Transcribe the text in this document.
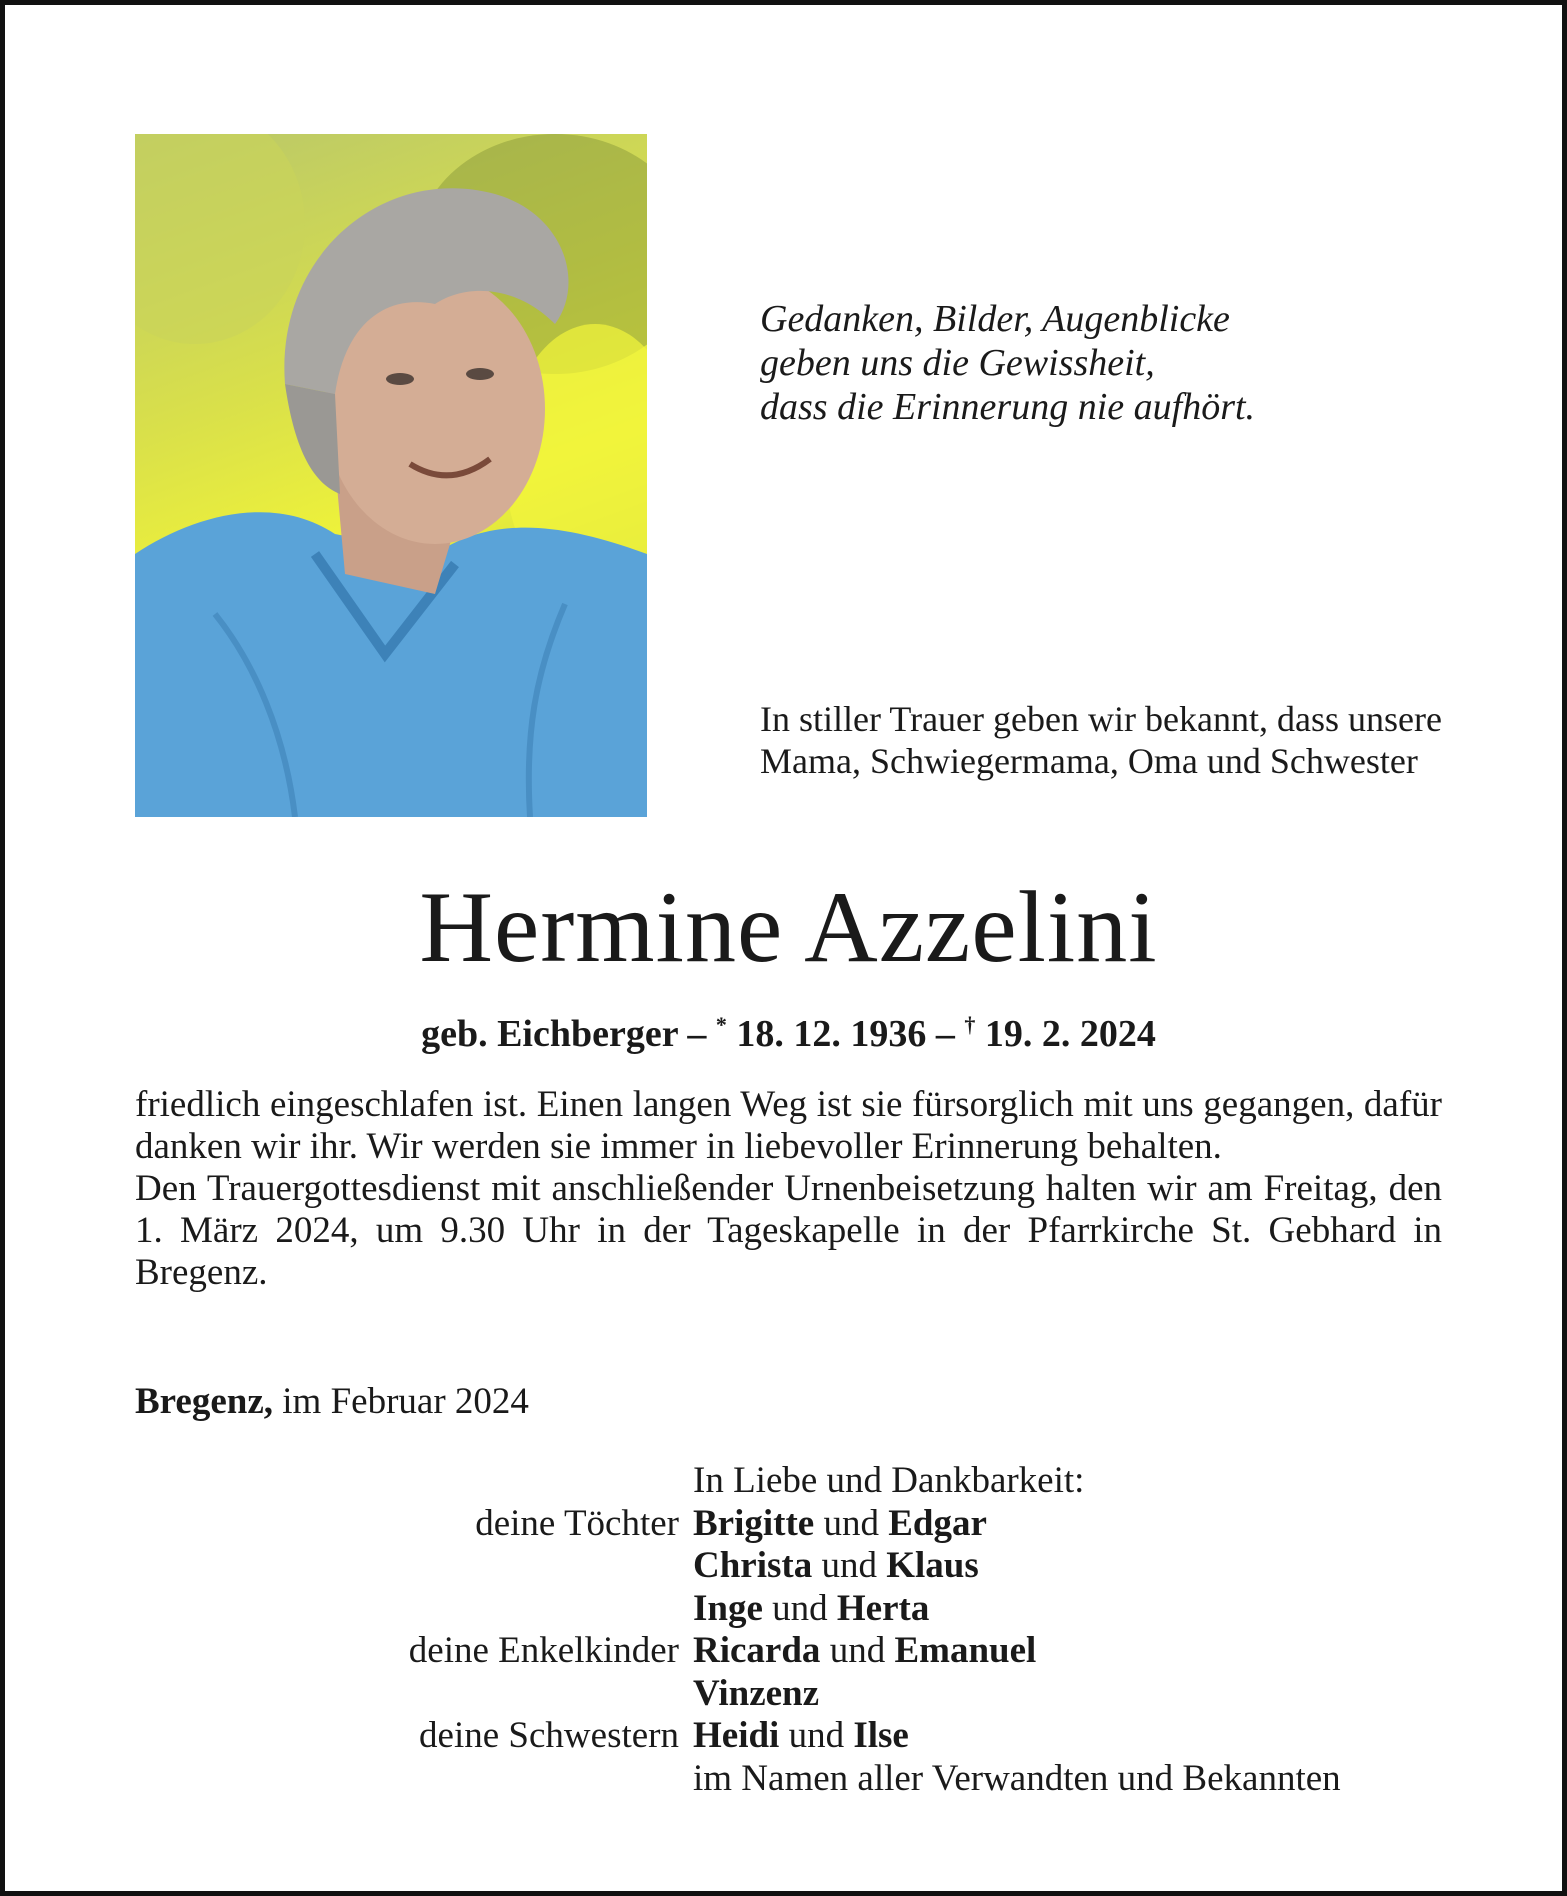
Gedanken, Bilder, Augenblicke
geben uns die Gewissheit,
dass die Erinnerung nie aufhört.
In stiller Trauer geben wir bekannt, dass unsere Mama, Schwiegermama, Oma und Schwester
Hermine Azzelini
geb. Eichberger – * 18. 12. 1936 – † 19. 2. 2024

friedlich eingeschlafen ist. Einen langen Weg ist sie fürsorglich mit uns gegangen, dafür danken wir ihr. Wir werden sie immer in liebevoller Erinnerung behalten.

Den Trauergottesdienst mit anschließender Urnenbeisetzung halten wir am Freitag, den 1. März 2024, um 9.30 Uhr in der Tageskapelle in der Pfarrkirche St. Gebhard in Bregenz.

Bregenz, im Februar 2024
In Liebe und Dankbarkeit:
deine Töchter Brigitte und Edgar
Christa und Klaus
Inge und Herta
deine Enkelkinder Ricarda und Emanuel
Vinzenz
deine Schwestern Heidi und Ilse
im Namen aller Verwandten und Bekannten
